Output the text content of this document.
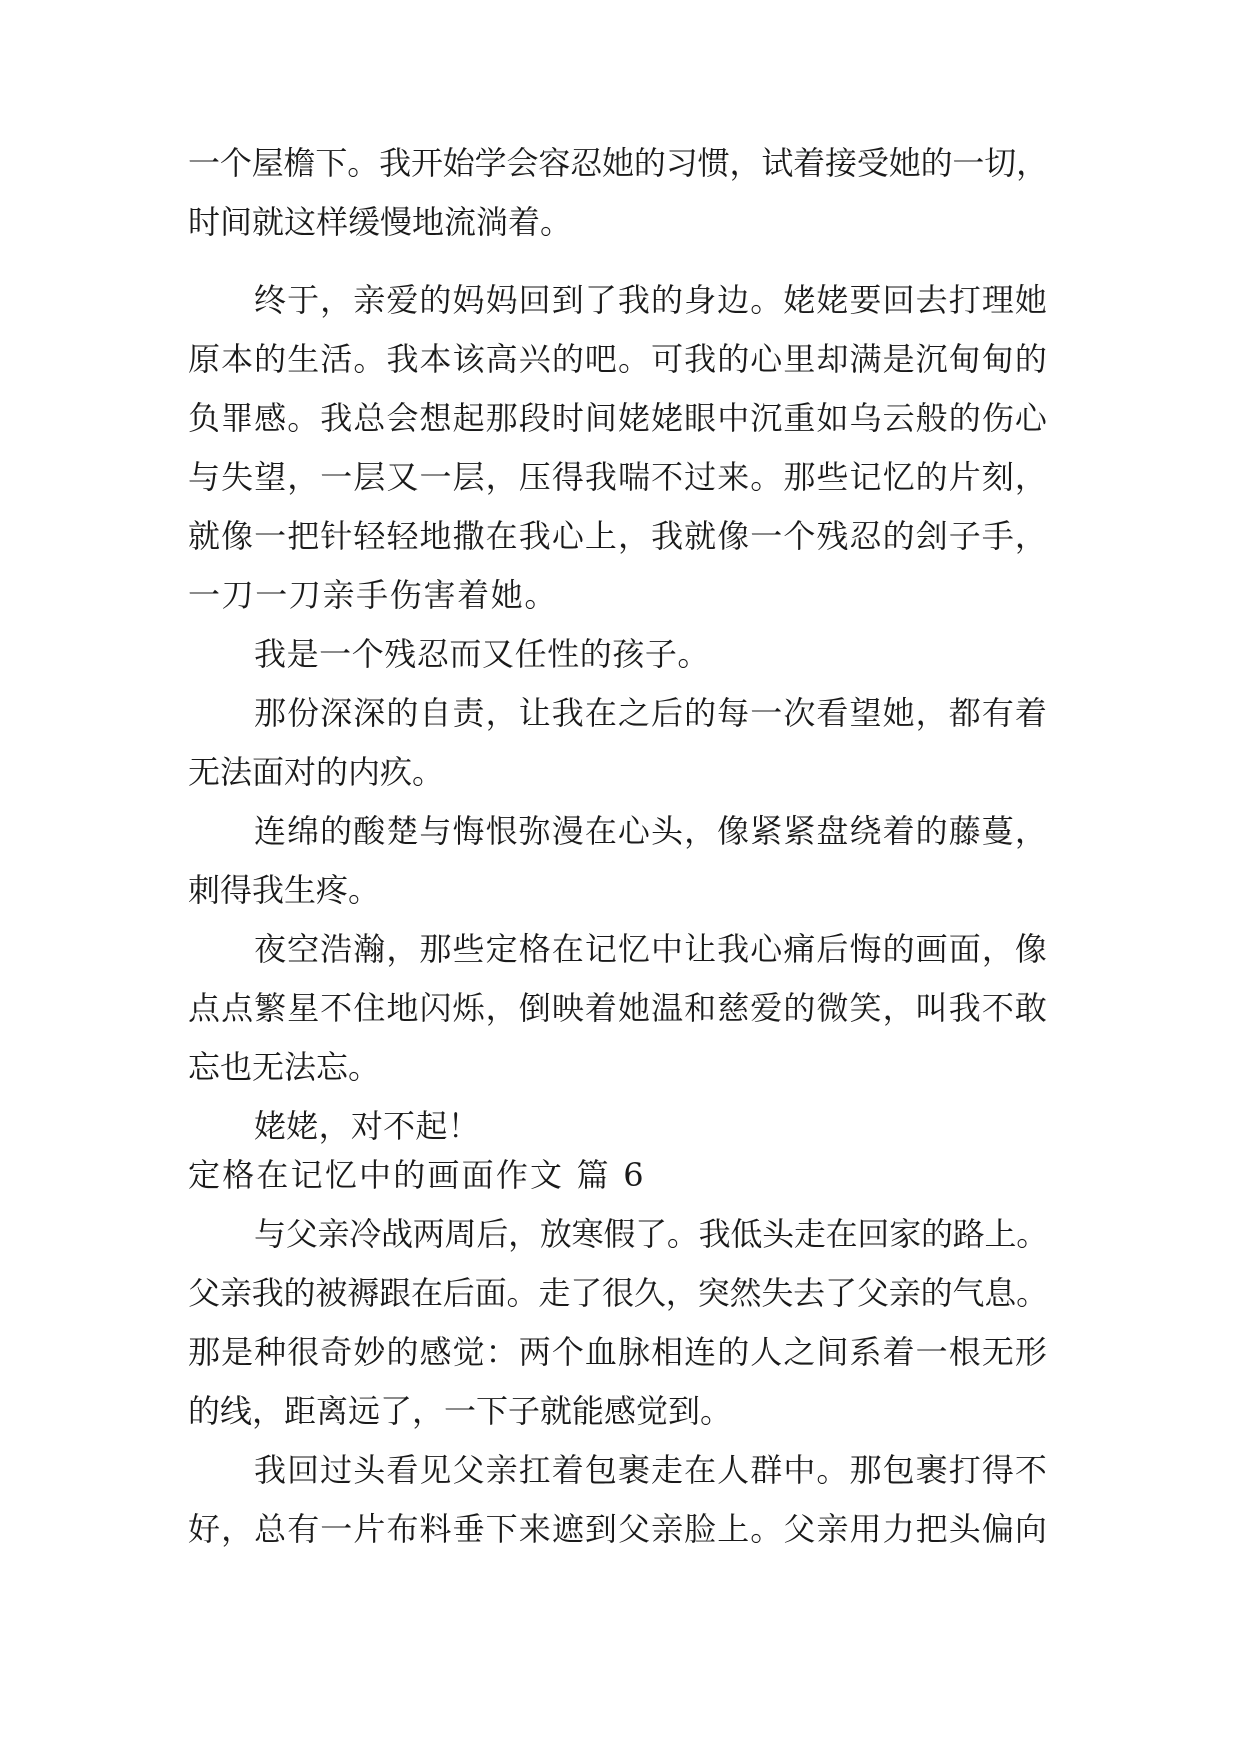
一个屋檐下。我开始学会容忍她的习惯，试着接受她的一切，
时间就这样缓慢地流淌着。
终于，亲爱的妈妈回到了我的身边。姥姥要回去打理她
原本的生活。我本该高兴的吧。可我的心里却满是沉甸甸的
负罪感。我总会想起那段时间姥姥眼中沉重如乌云般的伤心
与失望，一层又一层，压得我喘不过来。那些记忆的片刻，
就像一把针轻轻地撒在我心上，我就像一个残忍的刽子手，
一刀一刀亲手伤害着她。
我是一个残忍而又任性的孩子。
那份深深的自责，让我在之后的每一次看望她，都有着
无法面对的内疚。
连绵的酸楚与悔恨弥漫在心头，像紧紧盘绕着的藤蔓，
刺得我生疼。
夜空浩瀚，那些定格在记忆中让我心痛后悔的画面，像
点点繁星不住地闪烁，倒映着她温和慈爱的微笑，叫我不敢
忘也无法忘。
姥姥，对不起！
定格在记忆中的画面作文 篇 6
与父亲冷战两周后，放寒假了。我低头走在回家的路上。
父亲我的被褥跟在后面。走了很久，突然失去了父亲的气息。
那是种很奇妙的感觉：两个血脉相连的人之间系着一根无形
的线，距离远了，一下子就能感觉到。
我回过头看见父亲扛着包裹走在人群中。那包裹打得不
好，总有一片布料垂下来遮到父亲脸上。父亲用力把头偏向
